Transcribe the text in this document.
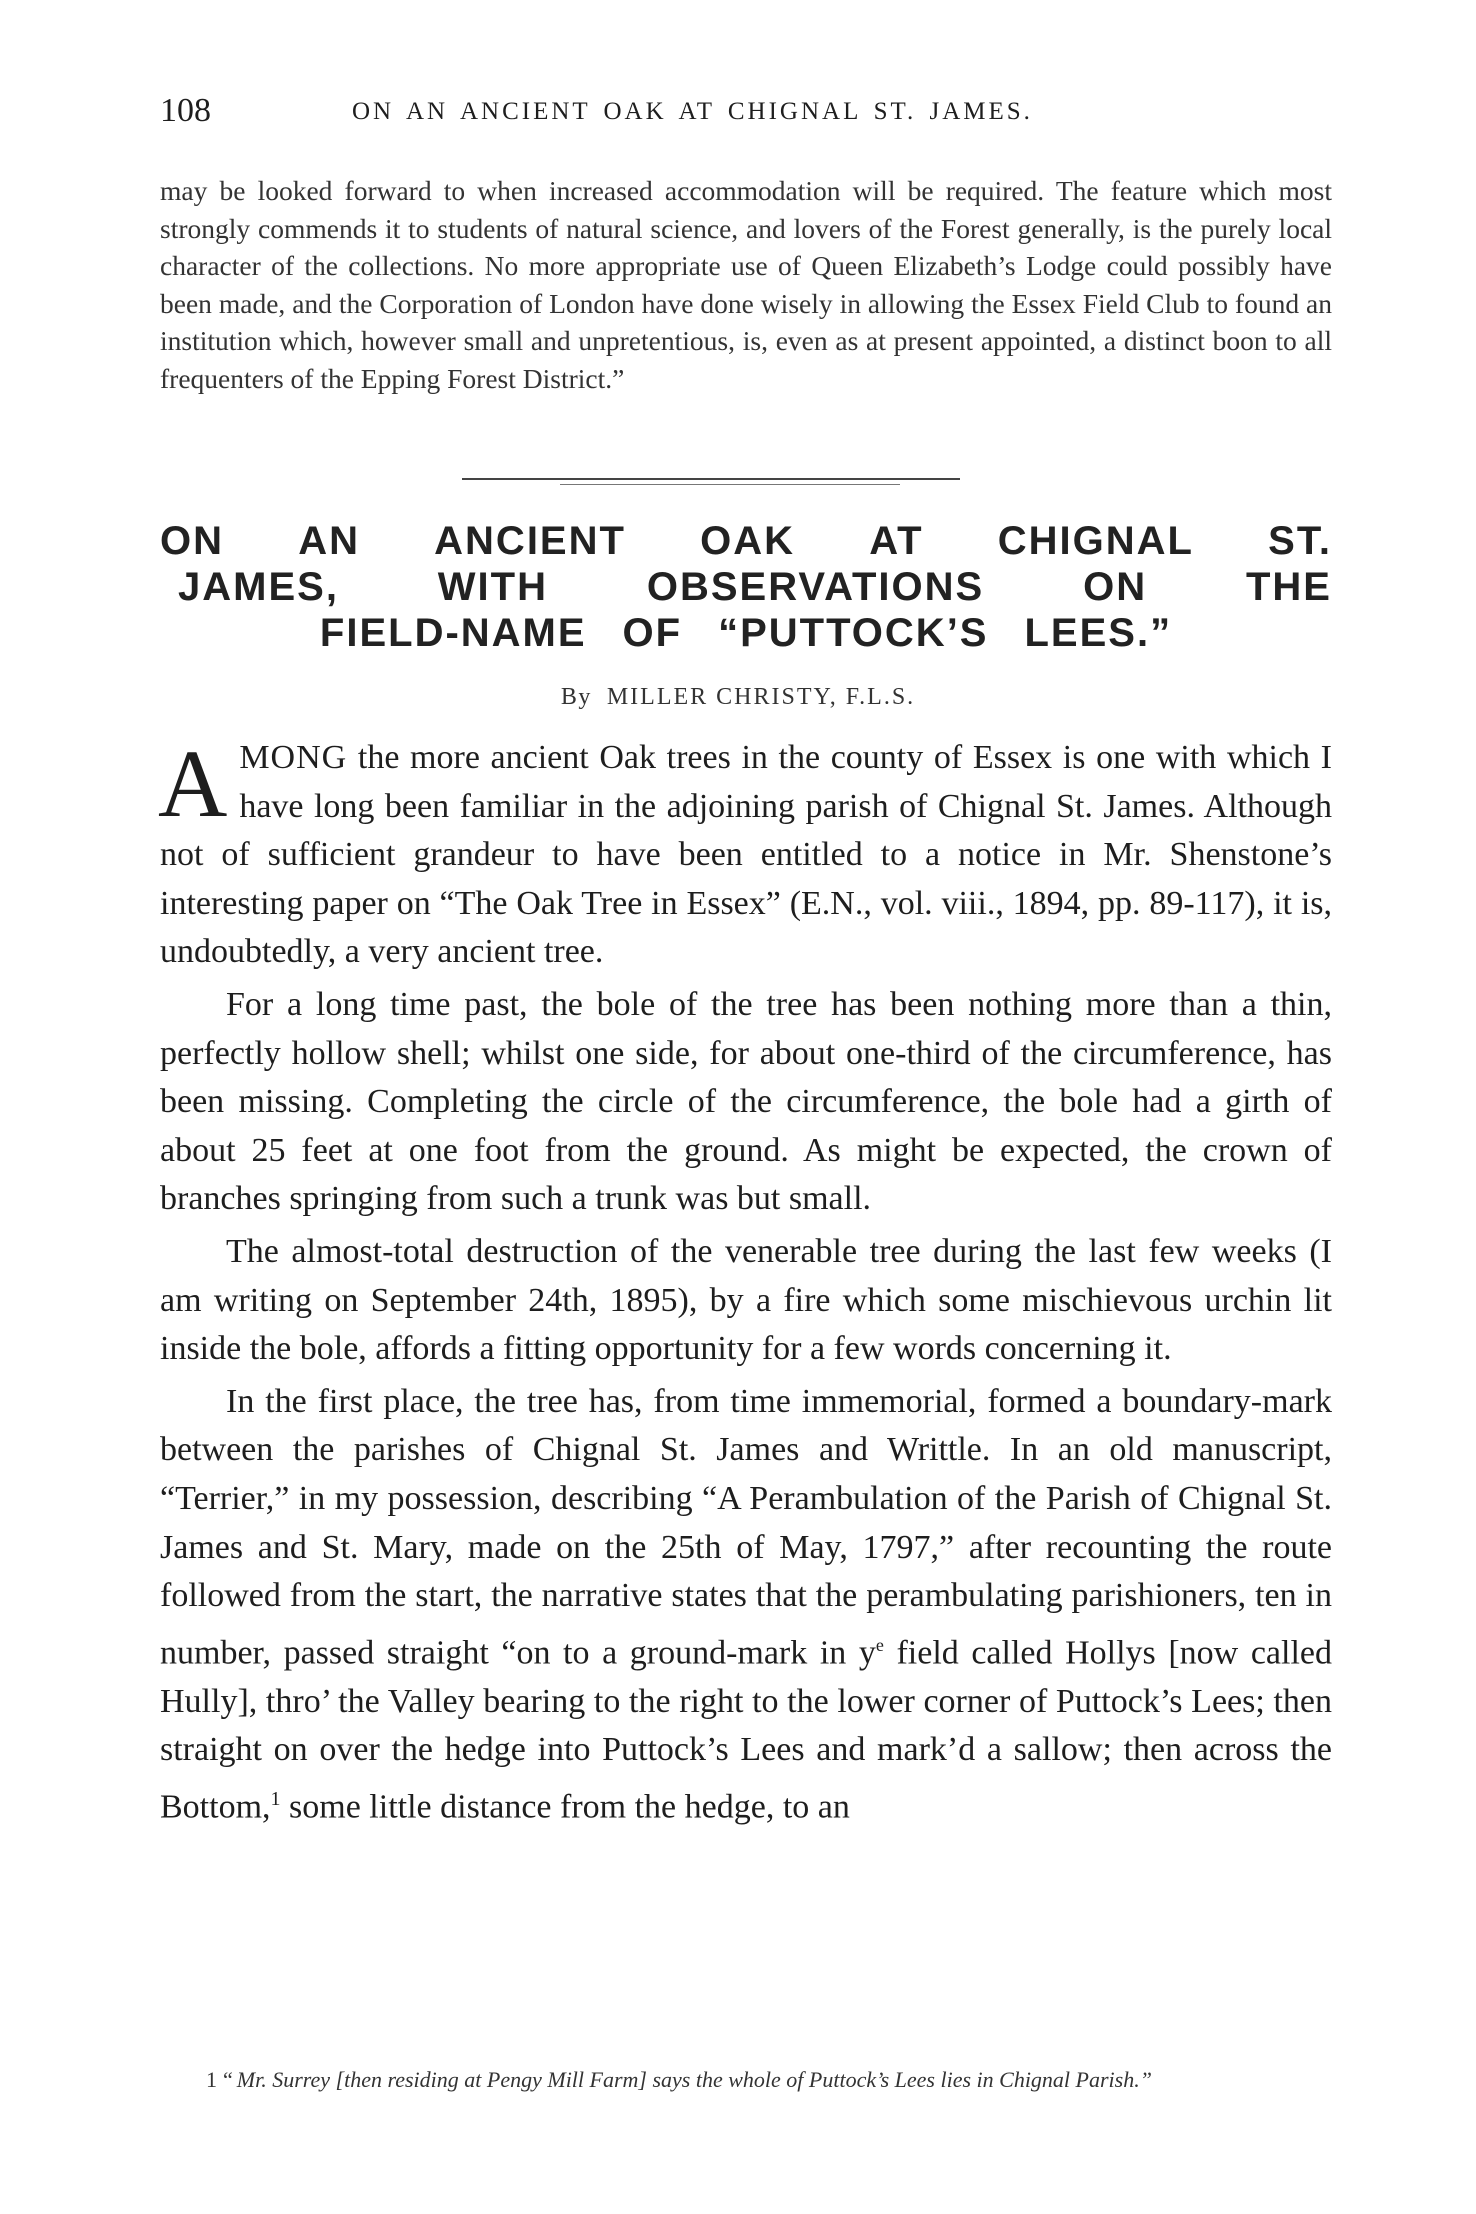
108	ON AN ANCIENT OAK AT CHIGNAL ST. JAMES.

may be looked forward to when increased accommodation will be required. The feature which most strongly commends it to students of natural science, and lovers of the Forest generally, is the purely local character of the collections. No more appropriate use of Queen Elizabeth’s Lodge could possibly have been made, and the Corporation of London have done wisely in allowing the Essex Field Club to found an institution which, however small and unpretentious, is, even as at present appointed, a distinct boon to all frequenters of the Epping Forest District.”

ON AN ANCIENT OAK AT CHIGNAL ST.
JAMES, WITH OBSERVATIONS ON THE
FIELD-NAME OF “PUTTOCK’S LEES.”
By MILLER CHRISTY, F.L.S.

AMONG the more ancient Oak trees in the county of Essex is one with which I have long been familiar in the adjoining parish of Chignal St. James. Although not of sufficient grandeur to have been entitled to a notice in Mr. Shenstone’s interesting paper on “The Oak Tree in Essex” (E.N., vol. viii., 1894, pp. 89-117), it is, undoubtedly, a very ancient tree.

For a long time past, the bole of the tree has been nothing more than a thin, perfectly hollow shell; whilst one side, for about one-third of the circumference, has been missing. Completing the circle of the circumference, the bole had a girth of about 25 feet at one foot from the ground. As might be expected, the crown of branches springing from such a trunk was but small.

The almost-total destruction of the venerable tree during the last few weeks (I am writing on September 24th, 1895), by a fire which some mischievous urchin lit inside the bole, affords a fitting opportunity for a few words concerning it.

In the first place, the tree has, from time immemorial, formed a boundary-mark between the parishes of Chignal St. James and Writtle. In an old manuscript, “Terrier,” in my possession, describing “A Perambulation of the Parish of Chignal St. James and St. Mary, made on the 25th of May, 1797,” after recounting the route followed from the start, the narrative states that the perambulating parishioners, ten in number, passed straight “on to a ground-mark in $y^e$ field called Hollys [now called Hully], thro’ the Valley bearing to the right to the lower corner of Puttock’s Lees; then straight on over the hedge into Puttock’s Lees and mark’d a sallow; then across the Bottom,$^1$ some little distance from the hedge, to an

1 “ Mr. Surrey [then residing at Pengy Mill Farm] says the whole of Puttock’s Lees lies in Chignal Parish.”
